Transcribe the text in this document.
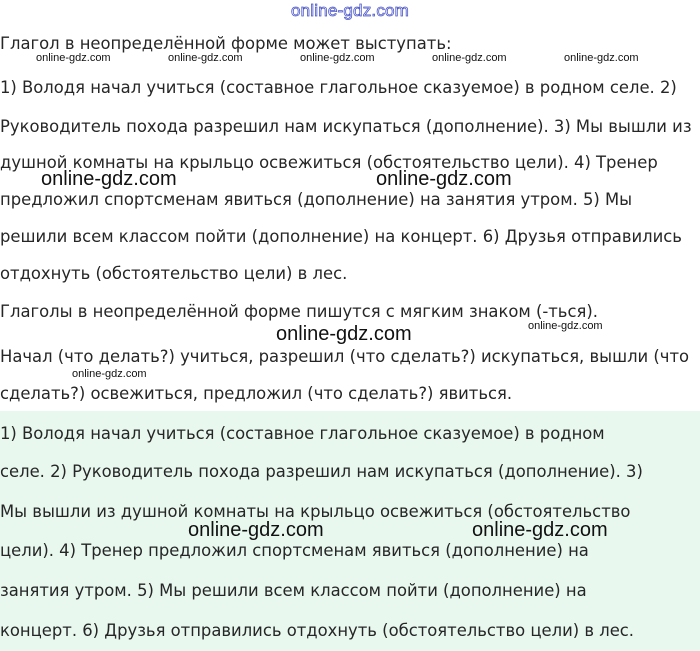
online-gdz.com
Глагол в неопределённой форме может выступать:
1) Володя начал учиться (составное глагольное сказуемое) в родном селе. 2)
Руководитель похода разрешил нам искупаться (дополнение). 3) Мы вышли из
душной комнаты на крыльцо освежиться (обстоятельство цели). 4) Тренер
предложил спортсменам явиться (дополнение) на занятия утром. 5) Мы
решили всем классом пойти (дополнение) на концерт. 6) Друзья отправились
отдохнуть (обстоятельство цели) в лес.
Глаголы в неопределённой форме пишутся с мягким знаком (-ться).
Начал (что делать?) учиться, разрешил (что сделать?) искупаться, вышли (что
сделать?) освежиться, предложил (что сделать?) явиться.
1) Володя начал учиться (составное глагольное сказуемое) в родном
селе. 2) Руководитель похода разрешил нам искупаться (дополнение). 3)
Мы вышли из душной комнаты на крыльцо освежиться (обстоятельство
цели). 4) Тренер предложил спортсменам явиться (дополнение) на
занятия утром. 5) Мы решили всем классом пойти (дополнение) на
концерт. 6) Друзья отправились отдохнуть (обстоятельство цели) в лес.
online-gdz.com	online-gdz.com	online-gdz.com	online-gdz.com	online-gdz.com
online-gdz.com
online-gdz.com
online-gdz.com	online-gdz.com
online-gdz.com
online-gdz.com	online-gdz.com
